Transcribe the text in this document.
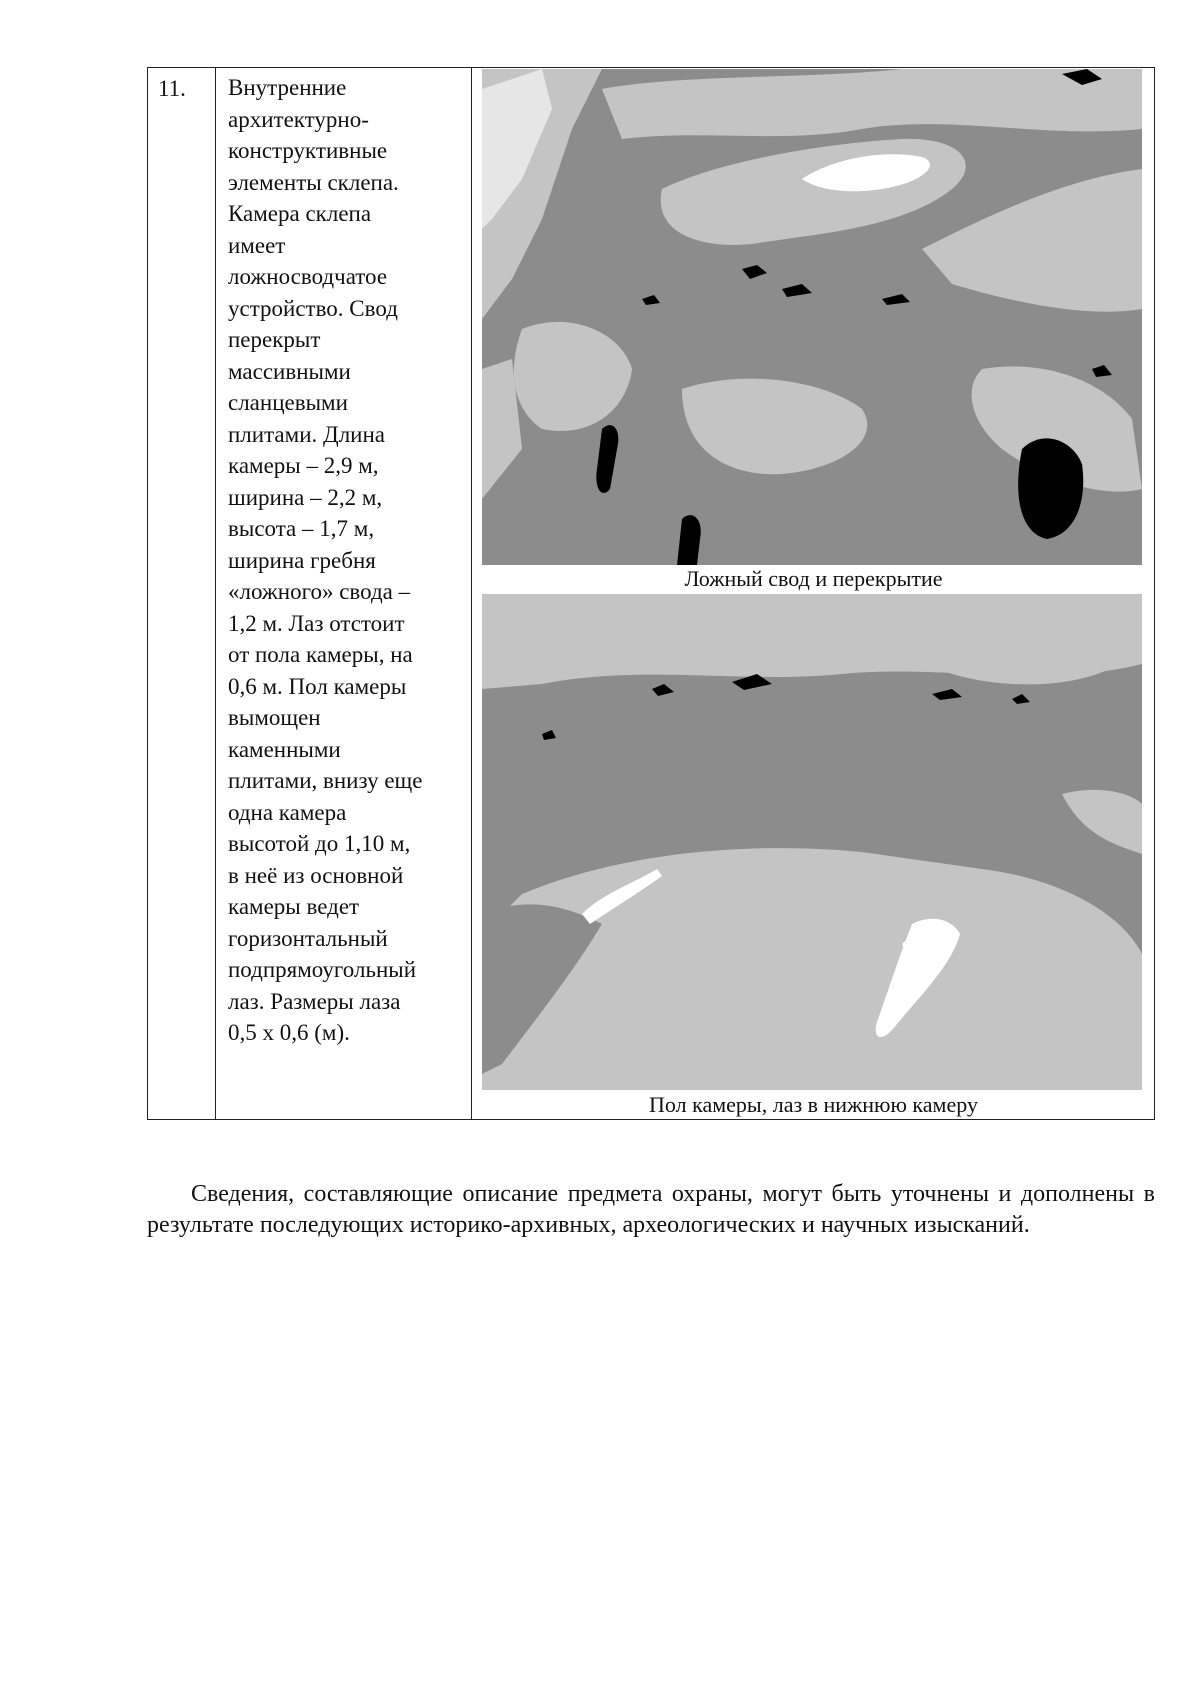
11.	Внутренние
архитектурно-
конструктивные
элементы склепа.
Камера склепа
имеет
ложносводчатое
устройство. Свод
перекрыт
массивными
сланцевыми
плитами. Длина
камеры – 2,9 м,
ширина – 2,2 м,
высота – 1,7 м,
ширина гребня
«ложного» свода –
1,2 м. Лаз отстоит
от пола камеры, на
0,6 м. Пол камеры
вымощен
каменными
плитами, внизу еще
одна камера
высотой до 1,10 м,
в неё из основной
камеры ведет
горизонтальный
подпрямоугольный
лаз. Размеры лаза
0,5 х 0,6 (м).
Ложный свод и перекрытие
Пол камеры, лаз в нижнюю камеру

Сведения, составляющие описание предмета охраны, могут быть уточнены и дополнены в результате последующих историко-архивных, археологических и научных изысканий.
